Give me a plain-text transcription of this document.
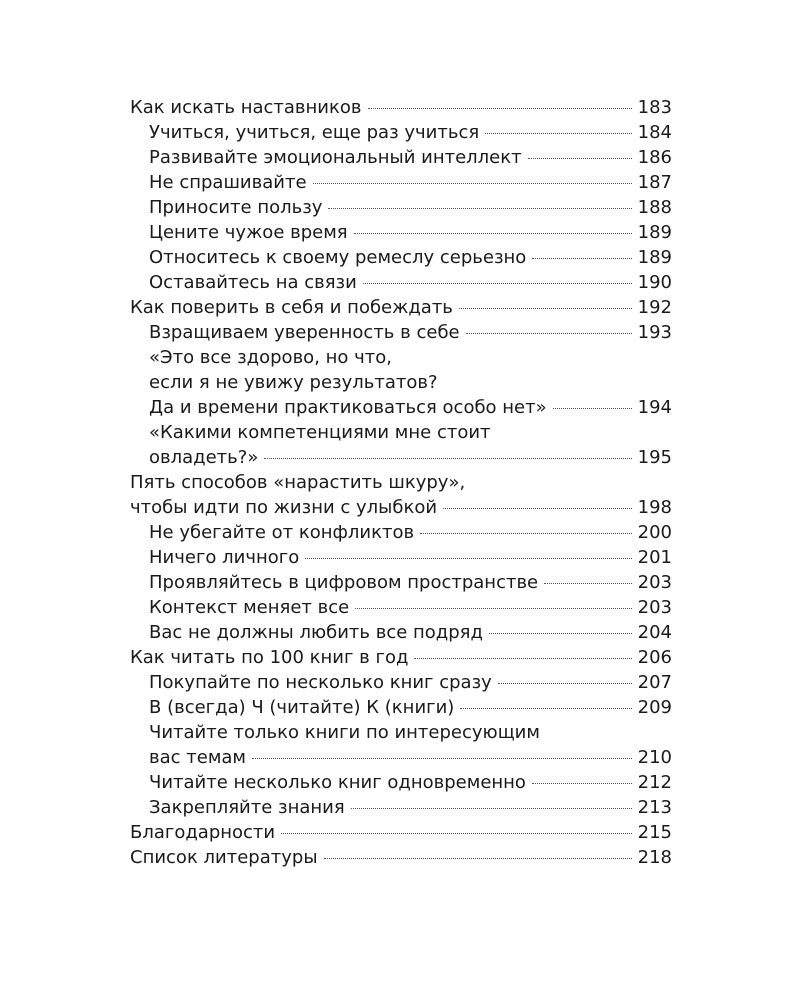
Как искать наставников	183
Учиться, учиться, еще раз учиться	184
Развивайте эмоциональный интеллект	186
Не спрашивайте	187
Приносите пользу	188
Цените чужое время	189
Относитесь к своему ремеслу серьезно	189
Оставайтесь на связи	190
Как поверить в себя и побеждать	192
Взращиваем уверенность в себе	193
«Это все здорово, но что,
если я не увижу результатов?
Да и времени практиковаться особо нет»	194
«Какими компетенциями мне стоит
овладеть?»	195
Пять способов «нарастить шкуру»,
чтобы идти по жизни с улыбкой	198
Не убегайте от конфликтов	200
Ничего личного	201
Проявляйтесь в цифровом пространстве	203
Контекст меняет все	203
Вас не должны любить все подряд	204
Как читать по 100 книг в год	206
Покупайте по несколько книг сразу	207
В (всегда) Ч (читайте) К (книги)	209
Читайте только книги по интересующим
вас темам	210
Читайте несколько книг одновременно	212
Закрепляйте знания	213
Благодарности	215
Список литературы	218
